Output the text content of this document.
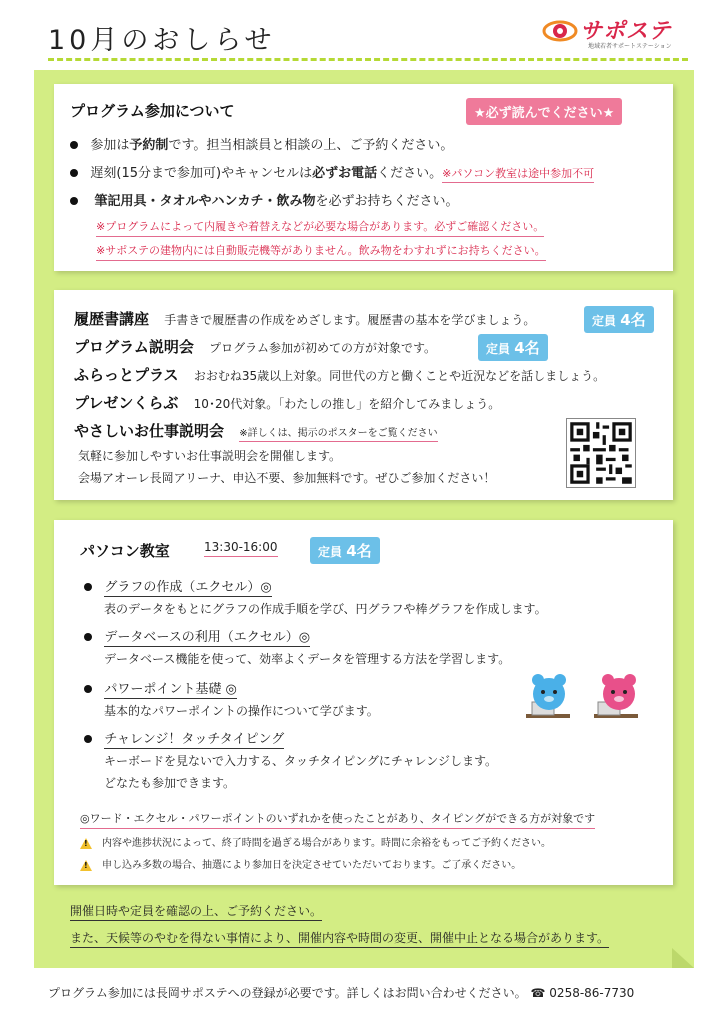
10月のおしらせ	サポステ
地域若者サポートステーション
プログラム参加について	★必ず読んでください★
参加は予約制です。担当相談員と相談の上、ご予約ください。
遅刻(15分まで参加可)やキャンセルは必ずお電話ください。※パソコン教室は途中参加不可
筆記用具・タオルやハンカチ・飲み物を必ずお持ちください。
※プログラムによって内履きや着替えなどが必要な場合があります。必ずご確認ください。
※サポステの建物内には自動販売機等がありません。飲み物をわすれずにお持ちください。
履歴書講座 手書きで履歴書の作成をめざします。履歴書の基本を学びましょう。	定員 4名
プログラム説明会 プログラム参加が初めての方が対象です。	定員 4名
ふらっとプラス おおむね35歳以上対象。同世代の方と働くことや近況などを話しましょう。
プレゼンくらぶ 10･20代対象。「わたしの推し」を紹介してみましょう。
やさしいお仕事説明会 ※詳しくは、掲示のポスターをご覧ください
気軽に参加しやすいお仕事説明会を開催します。
会場アオーレ長岡アリーナ、申込不要、参加無料です。ぜひご参加ください！
パソコン教室	13:30-16:00	定員 4名
グラフの作成（エクセル）◎
表のデータをもとにグラフの作成手順を学び、円グラフや棒グラフを作成します。
データベースの利用（エクセル）◎
データベース機能を使って、効率よくデータを管理する方法を学習します。
パワーポイント基礎 ◎
基本的なパワーポイントの操作について学びます。
チャレンジ！タッチタイピング
キーボードを見ないで入力する、タッチタイピングにチャレンジします。
どなたも参加できます。
◎ワード・エクセル・パワーポイントのいずれかを使ったことがあり、タイピングができる方が対象です
!内容や進捗状況によって、終了時間を過ぎる場合があります。時間に余裕をもってご予約ください。
!申し込み多数の場合、抽選により参加日を決定させていただいております。ご了承ください。
開催日時や定員を確認の上、ご予約ください。
また、天候等のやむを得ない事情により、開催内容や時間の変更、開催中止となる場合があります。
プログラム参加には長岡サポステへの登録が必要です。詳しくはお問い合わせください。 ☎ 0258-86-7730
